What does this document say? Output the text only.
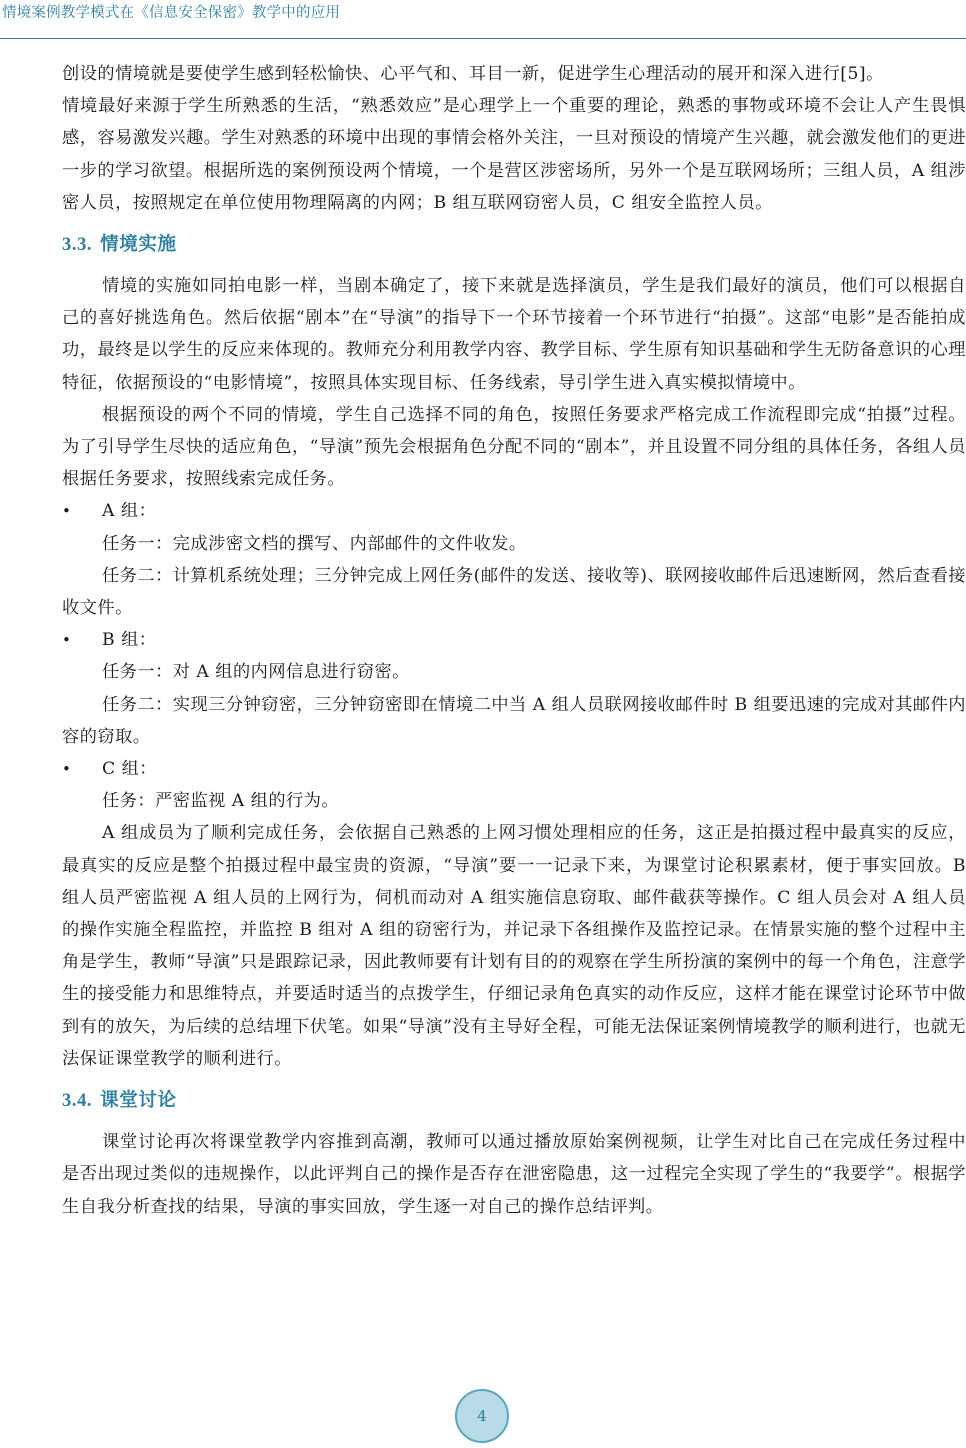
情境案例教学模式在《信息安全保密》教学中的应用

创设的情境就是要使学生感到轻松愉快、心平气和、耳目一新，促进学生心理活动的展开和深入进行[5]。

情境最好来源于学生所熟悉的生活，“熟悉效应”是心理学上一个重要的理论，熟悉的事物或环境不会让人产生畏惧感，容易激发兴趣。学生对熟悉的环境中出现的事情会格外关注，一旦对预设的情境产生兴趣，就会激发他们的更进一步的学习欲望。根据所选的案例预设两个情境，一个是营区涉密场所，另外一个是互联网场所；三组人员，A 组涉密人员，按照规定在单位使用物理隔离的内网；B 组互联网窃密人员，C 组安全监控人员。

3.3. 情境实施

情境的实施如同拍电影一样，当剧本确定了，接下来就是选择演员，学生是我们最好的演员，他们可以根据自己的喜好挑选角色。然后依据“剧本”在“导演”的指导下一个环节接着一个环节进行“拍摄”。这部“电影”是否能拍成功，最终是以学生的反应来体现的。教师充分利用教学内容、教学目标、学生原有知识基础和学生无防备意识的心理特征，依据预设的“电影情境”，按照具体实现目标、任务线索，导引学生进入真实模拟情境中。

根据预设的两个不同的情境，学生自己选择不同的角色，按照任务要求严格完成工作流程即完成“拍摄”过程。为了引导学生尽快的适应角色，“导演”预先会根据角色分配不同的“剧本”，并且设置不同分组的具体任务，各组人员根据任务要求，按照线索完成任务。

• A 组：

任务一：完成涉密文档的撰写、内部邮件的文件收发。

任务二：计算机系统处理；三分钟完成上网任务(邮件的发送、接收等)、联网接收邮件后迅速断网，然后查看接收文件。

• B 组：

任务一：对 A 组的内网信息进行窃密。

任务二：实现三分钟窃密，三分钟窃密即在情境二中当 A 组人员联网接收邮件时 B 组要迅速的完成对其邮件内容的窃取。

• C 组：

任务：严密监视 A 组的行为。

A 组成员为了顺利完成任务，会依据自己熟悉的上网习惯处理相应的任务，这正是拍摄过程中最真实的反应，最真实的反应是整个拍摄过程中最宝贵的资源，“导演”要一一记录下来，为课堂讨论积累素材，便于事实回放。B 组人员严密监视 A 组人员的上网行为，伺机而动对 A 组实施信息窃取、邮件截获等操作。C 组人员会对 A 组人员的操作实施全程监控，并监控 B 组对 A 组的窃密行为，并记录下各组操作及监控记录。在情景实施的整个过程中主角是学生，教师“导演”只是跟踪记录，因此教师要有计划有目的的观察在学生所扮演的案例中的每一个角色，注意学生的接受能力和思维特点，并要适时适当的点拨学生，仔细记录角色真实的动作反应，这样才能在课堂讨论环节中做到有的放矢，为后续的总结埋下伏笔。如果“导演”没有主导好全程，可能无法保证案例情境教学的顺利进行，也就无法保证课堂教学的顺利进行。

3.4. 课堂讨论

课堂讨论再次将课堂教学内容推到高潮，教师可以通过播放原始案例视频，让学生对比自己在完成任务过程中是否出现过类似的违规操作，以此评判自己的操作是否存在泄密隐患，这一过程完全实现了学生的“我要学”。根据学生自我分析查找的结果，导演的事实回放，学生逐一对自己的操作总结评判。

4
